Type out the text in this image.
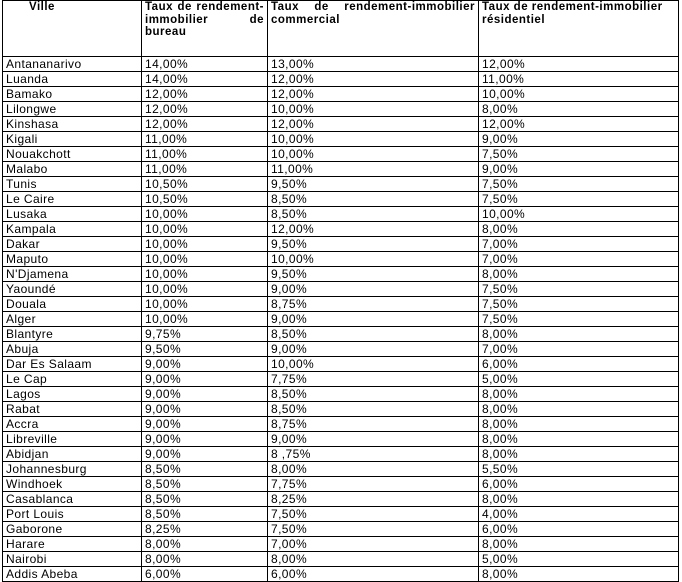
Ville	Taux de rendement-immobilier de bureau	Taux de rendement-immobilier commercial	Taux de rendement-immobilier résidentiel
Antananarivo	14,00%	13,00%	12,00%
Luanda	14,00%	12,00%	11,00%
Bamako	12,00%	12,00%	10,00%
Lilongwe	12,00%	10,00%	8,00%
Kinshasa	12,00%	12,00%	12,00%
Kigali	11,00%	10,00%	9,00%
Nouakchott	11,00%	10,00%	7,50%
Malabo	11,00%	11,00%	9,00%
Tunis	10,50%	9,50%	7,50%
Le Caire	10,50%	8,50%	7,50%
Lusaka	10,00%	8,50%	10,00%
Kampala	10,00%	12,00%	8,00%
Dakar	10,00%	9,50%	7,00%
Maputo	10,00%	10,00%	7,00%
N'Djamena	10,00%	9,50%	8,00%
Yaoundé	10,00%	9,00%	7,50%
Douala	10,00%	8,75%	7,50%
Alger	10,00%	9,00%	7,50%
Blantyre	9,75%	8,50%	8,00%
Abuja	9,50%	9,00%	7,00%
Dar Es Salaam	9,00%	10,00%	6,00%
Le Cap	9,00%	7,75%	5,00%
Lagos	9,00%	8,50%	8,00%
Rabat	9,00%	8,50%	8,00%
Accra	9,00%	8,75%	8,00%
Libreville	9,00%	9,00%	8,00%
Abidjan	9,00%	8 ,75%	8,00%
Johannesburg	8,50%	8,00%	5,50%
Windhoek	8,50%	7,75%	6,00%
Casablanca	8,50%	8,25%	8,00%
Port Louis	8,50%	7,50%	4,00%
Gaborone	8,25%	7,50%	6,00%
Harare	8,00%	7,00%	8,00%
Nairobi	8,00%	8,00%	5,00%
Addis Abeba	6,00%	6,00%	8,00%
